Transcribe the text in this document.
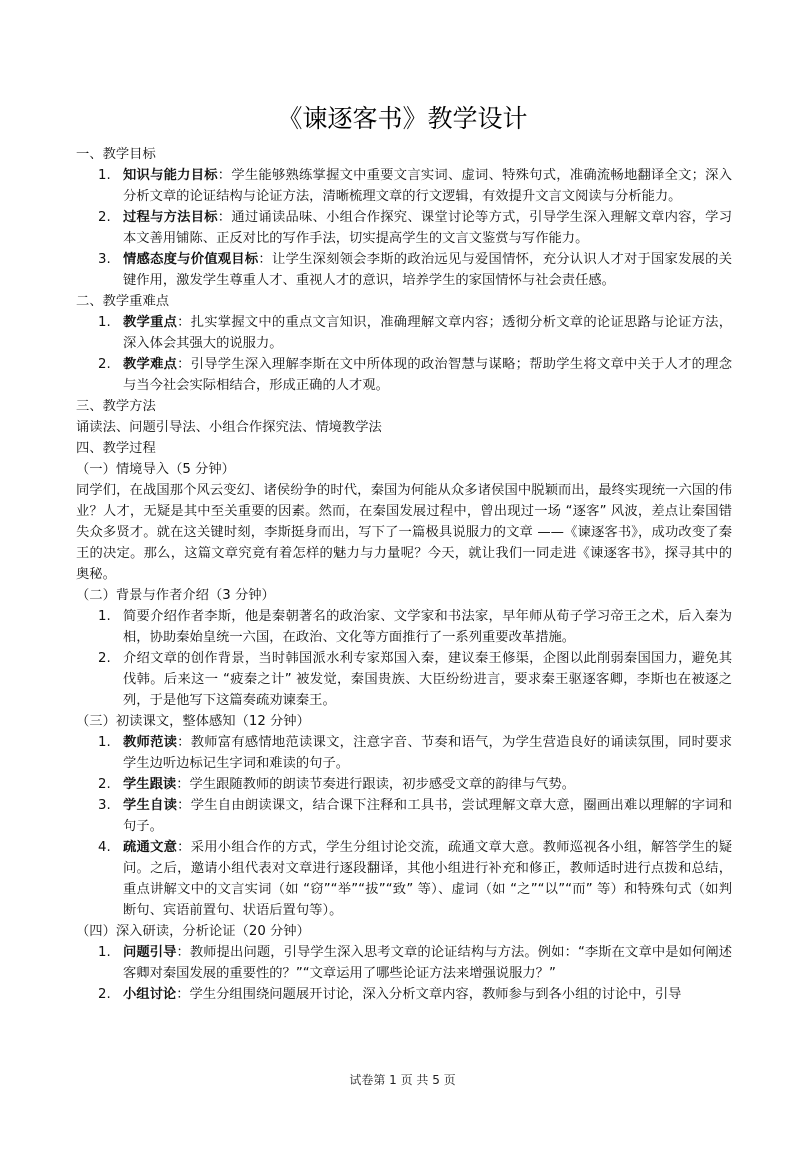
《谏逐客书》教学设计
一、教学目标
1. 知识与能力目标：学生能够熟练掌握文中重要文言实词、虚词、特殊句式，准确流畅地翻译全文；深入分析文章的论证结构与论证方法，清晰梳理文章的行文逻辑，有效提升文言文阅读与分析能力。
2. 过程与方法目标：通过诵读品味、小组合作探究、课堂讨论等方式，引导学生深入理解文章内容，学习本文善用铺陈、正反对比的写作手法，切实提高学生的文言文鉴赏与写作能力。
3. 情感态度与价值观目标：让学生深刻领会李斯的政治远见与爱国情怀，充分认识人才对于国家发展的关键作用，激发学生尊重人才、重视人才的意识，培养学生的家国情怀与社会责任感。
二、教学重难点
1. 教学重点：扎实掌握文中的重点文言知识，准确理解文章内容；透彻分析文章的论证思路与论证方法，深入体会其强大的说服力。
2. 教学难点：引导学生深入理解李斯在文中所体现的政治智慧与谋略；帮助学生将文章中关于人才的理念与当今社会实际相结合，形成正确的人才观。
三、教学方法
诵读法、问题引导法、小组合作探究法、情境教学法
四、教学过程
（一）情境导入（5 分钟）
同学们，在战国那个风云变幻、诸侯纷争的时代，秦国为何能从众多诸侯国中脱颖而出，最终实现统一六国的伟业？人才，无疑是其中至关重要的因素。然而，在秦国发展过程中，曾出现过一场 “逐客” 风波，差点让秦国错失众多贤才。就在这关键时刻，李斯挺身而出，写下了一篇极具说服力的文章 ——《谏逐客书》，成功改变了秦王的决定。那么，这篇文章究竟有着怎样的魅力与力量呢？今天，就让我们一同走进《谏逐客书》，探寻其中的奥秘。
（二）背景与作者介绍（3 分钟）
1. 简要介绍作者李斯，他是秦朝著名的政治家、文学家和书法家，早年师从荀子学习帝王之术，后入秦为相，协助秦始皇统一六国，在政治、文化等方面推行了一系列重要改革措施。
2. 介绍文章的创作背景，当时韩国派水利专家郑国入秦，建议秦王修渠，企图以此削弱秦国国力，避免其伐韩。后来这一 “疲秦之计” 被发觉，秦国贵族、大臣纷纷进言，要求秦王驱逐客卿，李斯也在被逐之列，于是他写下这篇奏疏劝谏秦王。
（三）初读课文，整体感知（12 分钟）
1. 教师范读：教师富有感情地范读课文，注意字音、节奏和语气，为学生营造良好的诵读氛围，同时要求学生边听边标记生字词和难读的句子。
2. 学生跟读：学生跟随教师的朗读节奏进行跟读，初步感受文章的韵律与气势。
3. 学生自读：学生自由朗读课文，结合课下注释和工具书，尝试理解文章大意，圈画出难以理解的字词和句子。
4. 疏通文意：采用小组合作的方式，学生分组讨论交流，疏通文章大意。教师巡视各小组，解答学生的疑问。之后，邀请小组代表对文章进行逐段翻译，其他小组进行补充和修正，教师适时进行点拨和总结，重点讲解文中的文言实词（如 “窃”“举”“拔”“致” 等）、虚词（如 “之”“以”“而” 等）和特殊句式（如判断句、宾语前置句、状语后置句等）。
（四）深入研读，分析论证（20 分钟）
1. 问题引导：教师提出问题，引导学生深入思考文章的论证结构与方法。例如：“李斯在文章中是如何阐述客卿对秦国发展的重要性的？”“文章运用了哪些论证方法来增强说服力？”
2. 小组讨论：学生分组围绕问题展开讨论，深入分析文章内容，教师参与到各小组的讨论中，引导
试卷第 1 页 共 5 页
